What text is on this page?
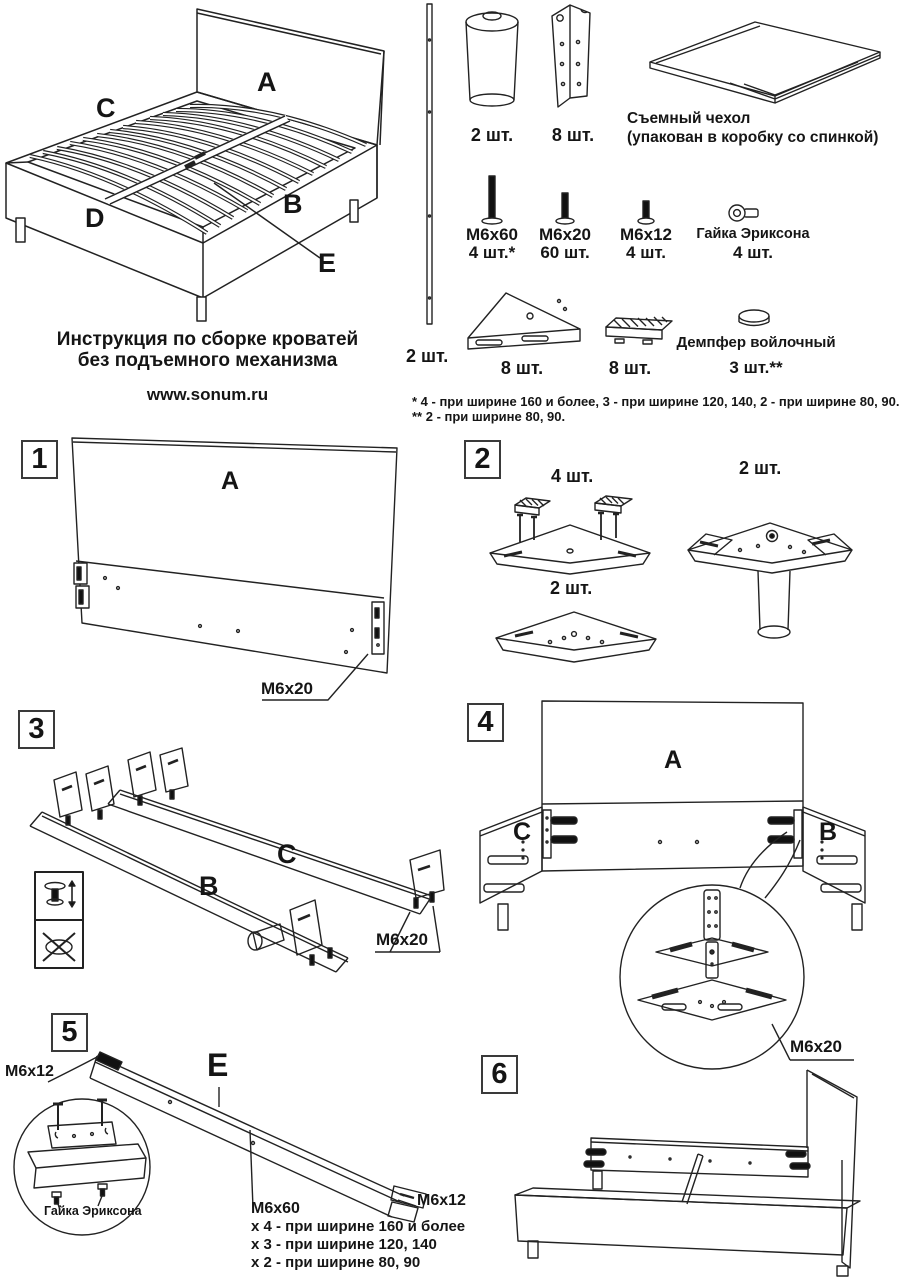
C
A
B
D
E
2 шт.
2 шт.	8 шт.
Съемный чехол
(упакован в коробку со спинкой)
М6х60
4 шт.*
М6х20
60 шт.
М6х12
4 шт.
Гайка Эриксона
4 шт.
8 шт.	8 шт.
Демпфер войлочный
3 шт.**
* 4 - при ширине 160 и более, 3 - при ширине 120, 140, 2 - при ширине 80, 90.
** 2 - при ширине 80, 90.
Инструкция по сборке кроватей
без подъемного механизма
www.sonum.ru
1
A
M6x20
2
4 шт.	2 шт.
2 шт.
3
B
C
M6x20
4
A
C	B
M6x20
5
M6x12	E
Гайка Эриксона
M6x12
М6х60
х 4 - при ширине 160 и более
х 3 - при ширине 120, 140
х 2 - при ширине 80, 90
6
